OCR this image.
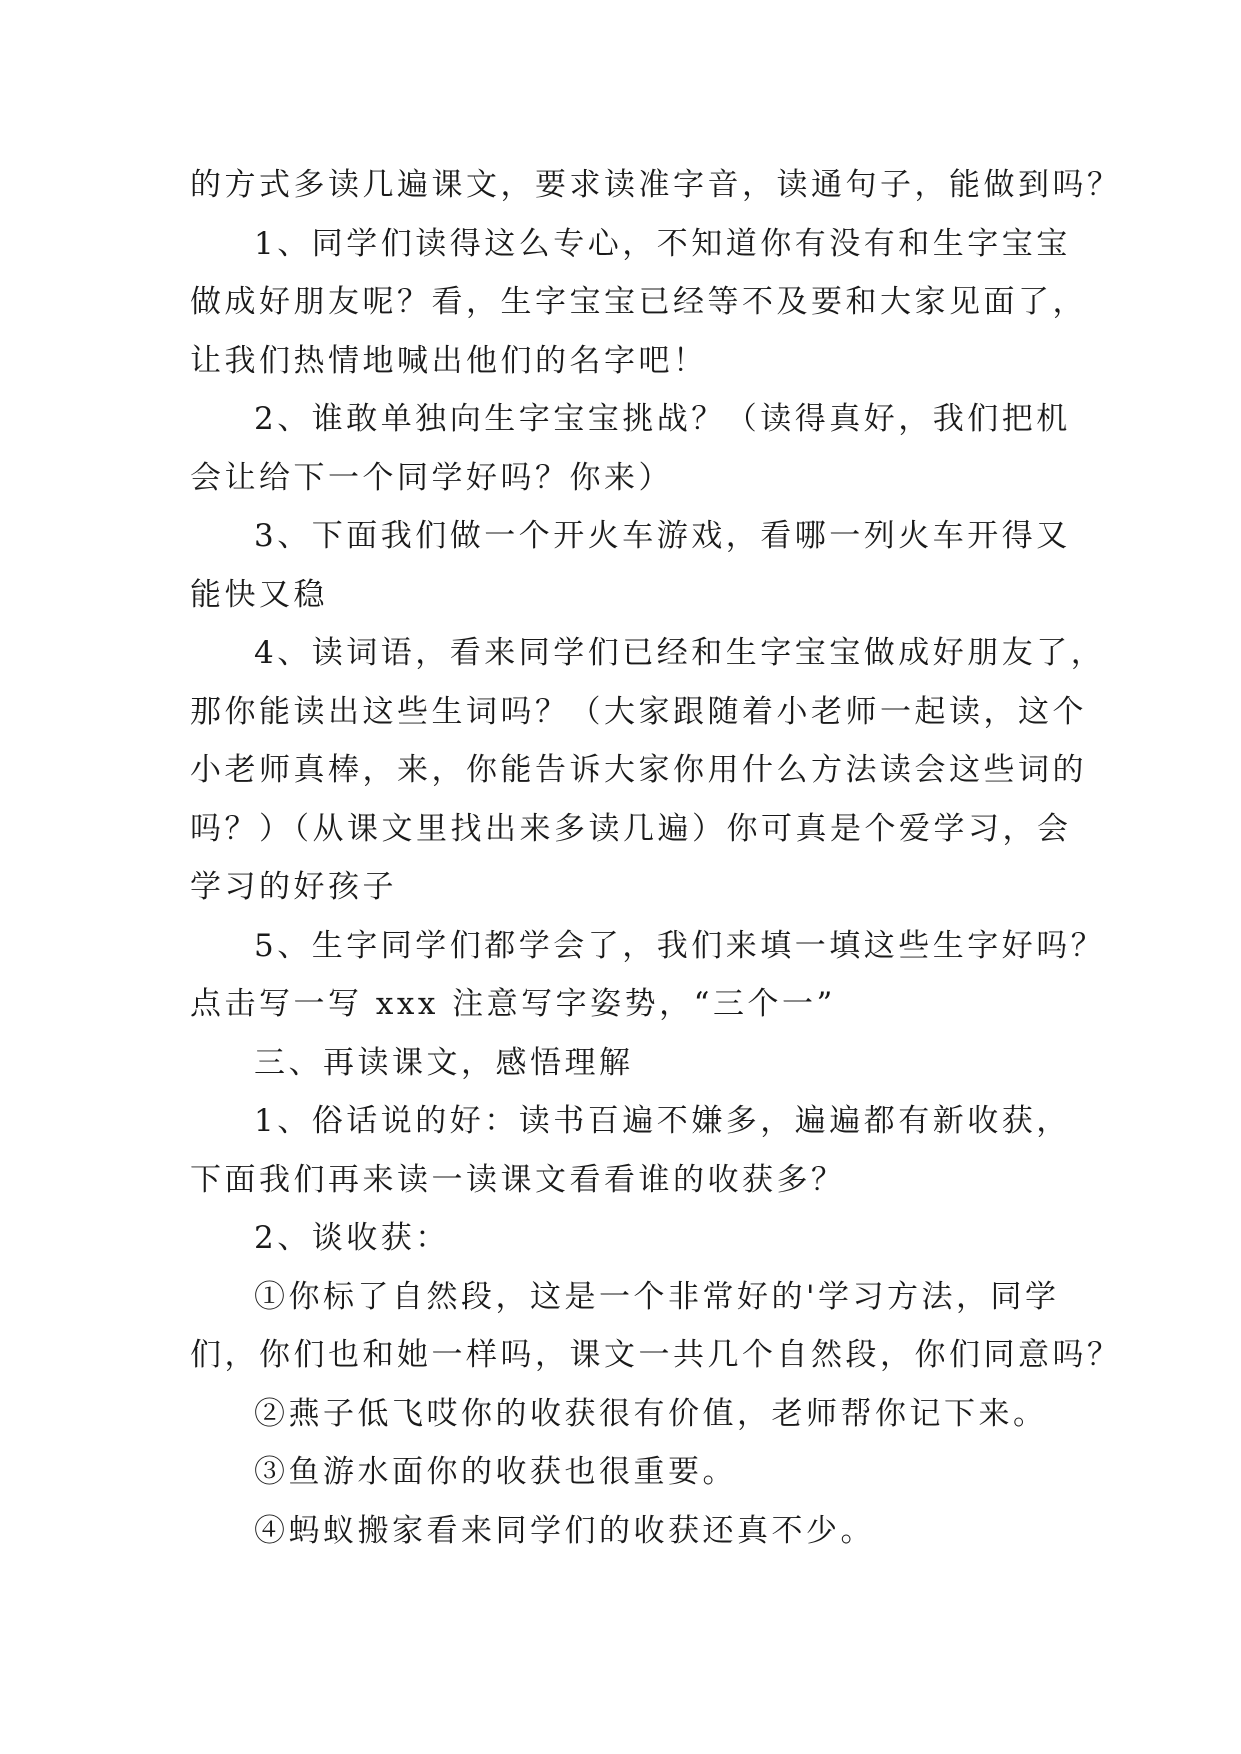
的方式多读几遍课文，要求读准字音，读通句子，能做到吗？

1、同学们读得这么专心，不知道你有没有和生字宝宝
做成好朋友呢？看，生字宝宝已经等不及要和大家见面了，
让我们热情地喊出他们的名字吧！

2、谁敢单独向生字宝宝挑战？（读得真好，我们把机
会让给下一个同学好吗？你来）

3、下面我们做一个开火车游戏，看哪一列火车开得又
能快又稳

4、读词语，看来同学们已经和生字宝宝做成好朋友了，
那你能读出这些生词吗？（大家跟随着小老师一起读，这个
小老师真棒，来，你能告诉大家你用什么方法读会这些词的
吗？）（从课文里找出来多读几遍）你可真是个爱学习，会
学习的好孩子

5、生字同学们都学会了，我们来填一填这些生字好吗？
点击写一写 xxx 注意写字姿势，“三个一”

三、再读课文，感悟理解

1、俗话说的好：读书百遍不嫌多，遍遍都有新收获，
下面我们再来读一读课文看看谁的收获多？

2、谈收获：

①你标了自然段，这是一个非常好的'学习方法，同学
们，你们也和她一样吗，课文一共几个自然段，你们同意吗？

②燕子低飞哎你的收获很有价值，老师帮你记下来。

③鱼游水面你的收获也很重要。

④蚂蚁搬家看来同学们的收获还真不少。
